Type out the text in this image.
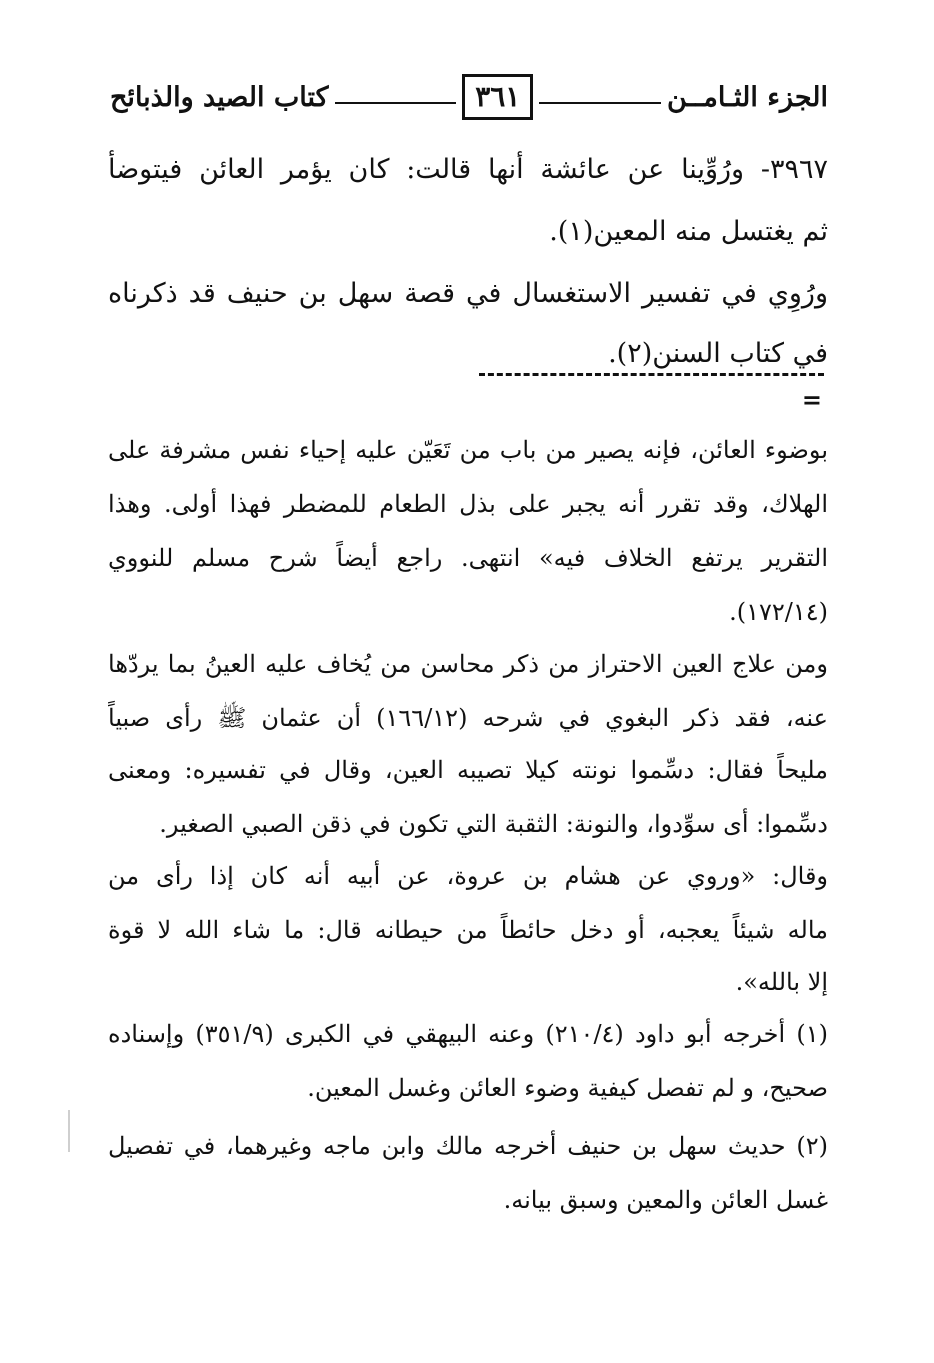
الجزء الثـامــن
٣٦١
كتاب الصيد والذبائح
٣٩٦٧- ورُوِّينا عن عائشة أنها قالت: كان يؤمر العائن فيتوضأ
ثم يغتسل منه المعين(١).
ورُوِي في تفسير الاستغسال في قصة سهل بن حنيف قد ذكرناه
في كتاب السنن(٢).
=
بوضوء العائن، فإنه يصير من باب من تَعَيّن عليه إحياء نفس مشرفة على
الهلاك، وقد تقرر أنه يجبر على بذل الطعام للمضطر فهذا أولى. وهذا
التقرير يرتفع الخلاف فيه» انتهى. راجع أيضاً شرح مسلم للنووي
(١٧٢/١٤).
ومن علاج العين الاحتراز من ذكر محاسن من يُخاف عليه العينُ بما يردّها
عنه، فقد ذكر البغوي في شرحه (١٦٦/١٢) أن عثمان ﷺ رأى صبياً
مليحاً فقال: دسِّموا نونته كيلا تصيبه العين، وقال في تفسيره: ومعنى
دسِّموا: أى سوِّدوا، والنونة: الثقبة التي تكون في ذقن الصبي الصغير.
وقال: «وروي عن هشام بن عروة، عن أبيه أنه كان إذا رأى من
ماله شيئاً يعجبه، أو دخل حائطاً من حيطانه قال: ما شاء الله لا قوة
إلا بالله».
(١) أخرجه أبو داود (٢١٠/٤) وعنه البيهقي في الكبرى (٣٥١/٩) وإسناده
صحيح، و لم تفصل كيفية وضوء العائن وغسل المعين.
(٢) حديث سهل بن حنيف أخرجه مالك وابن ماجه وغيرهما، في تفصيل
غسل العائن والمعين وسبق بيانه.
